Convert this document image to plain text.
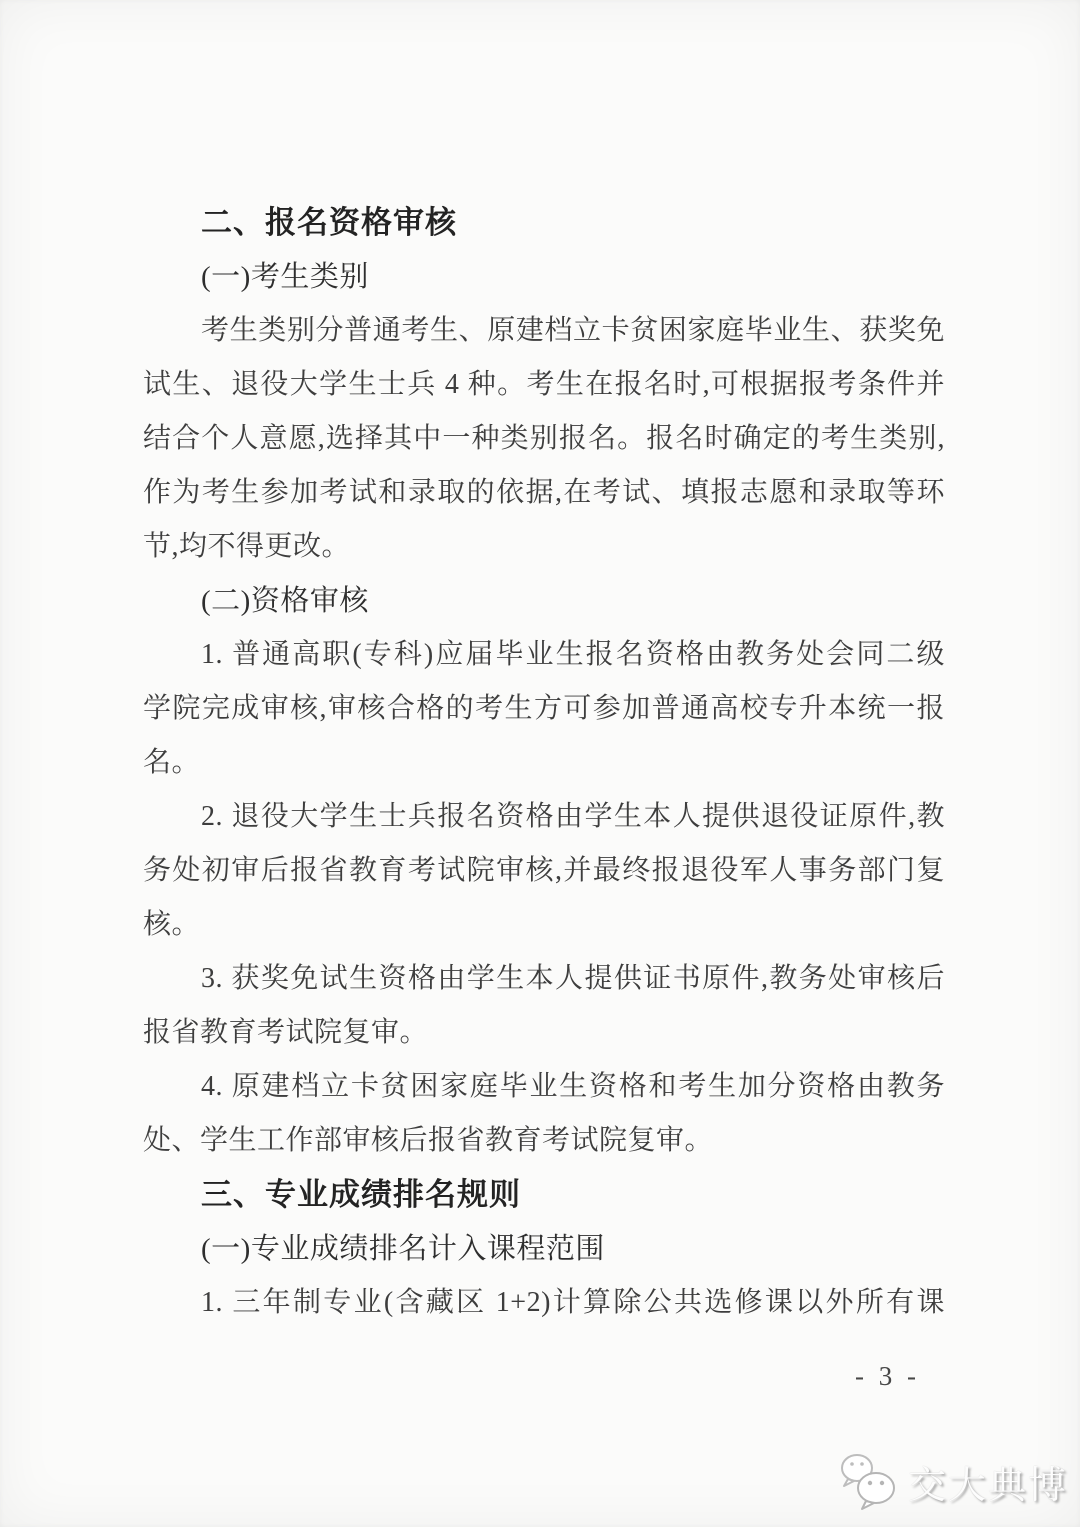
二、报名资格审核
(一)考生类别
考生类别分普通考生、原建档立卡贫困家庭毕业生、获奖免
试生、退役大学生士兵 4 种。考生在报名时,可根据报考条件并
结合个人意愿,选择其中一种类别报名。报名时确定的考生类别,
作为考生参加考试和录取的依据,在考试、填报志愿和录取等环
节,均不得更改。
(二)资格审核
1. 普通高职(专科)应届毕业生报名资格由教务处会同二级
学院完成审核,审核合格的考生方可参加普通高校专升本统一报
名。
2. 退役大学生士兵报名资格由学生本人提供退役证原件,教
务处初审后报省教育考试院审核,并最终报退役军人事务部门复
核。
3. 获奖免试生资格由学生本人提供证书原件,教务处审核后
报省教育考试院复审。
4. 原建档立卡贫困家庭毕业生资格和考生加分资格由教务
处、学生工作部审核后报省教育考试院复审。
三、专业成绩排名规则
(一)专业成绩排名计入课程范围
1. 三年制专业(含藏区 1+2)计算除公共选修课以外所有课
- 3 -
交大典博
